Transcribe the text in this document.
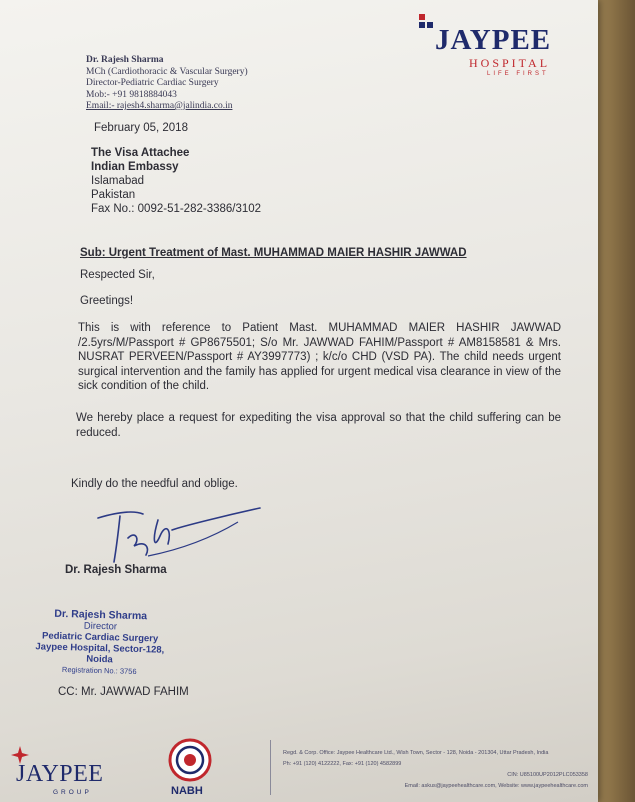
Dr. Rajesh Sharma
MCh (Cardiothoracic & Vascular Surgery)
Director-Pediatric Cardiac Surgery
Mob:- +91 9818884043
Email:- rajesh4.sharma@jalindia.co.in
JAYPEE
HOSPITAL
LIFE FIRST
February 05, 2018
The Visa Attachee
Indian Embassy
Islamabad
Pakistan
Fax No.: 0092-51-282-3386/3102
Sub: Urgent Treatment of Mast. MUHAMMAD MAIER HASHIR JAWWAD
Respected Sir,
Greetings!
This is with reference to Patient Mast. MUHAMMAD MAIER HASHIR JAWWAD /2.5yrs/M/Passport # GP8675501; S/o Mr. JAWWAD FAHIM/Passport # AM8158581 & Mrs. NUSRAT PERVEEN/Passport # AY3997773) ; k/c/o CHD (VSD PA). The child needs urgent surgical intervention and the family has applied for urgent medical visa clearance in view of the sick condition of the child.
We hereby place a request for expediting the visa approval so that the child suffering can be reduced.
Kindly do the needful and oblige.
Dr. Rajesh Sharma
Dr. Rajesh Sharma
Director
Pediatric Cardiac Surgery
Jaypee Hospital, Sector-128, Noida
Registration No.: 3756
CC: Mr. JAWWAD FAHIM
JAYPEE
GROUP	NABH
Regd. & Corp. Office: Jaypee Healthcare Ltd., Wish Town, Sector - 128, Noida - 201304, Uttar Pradesh, India
Ph: +91 (120) 4122222, Fax: +91 (120) 4582899
CIN: U85100UP2012PLC053358
Email: askus@jaypeehealthcare.com, Website: www.jaypeehealthcare.com
